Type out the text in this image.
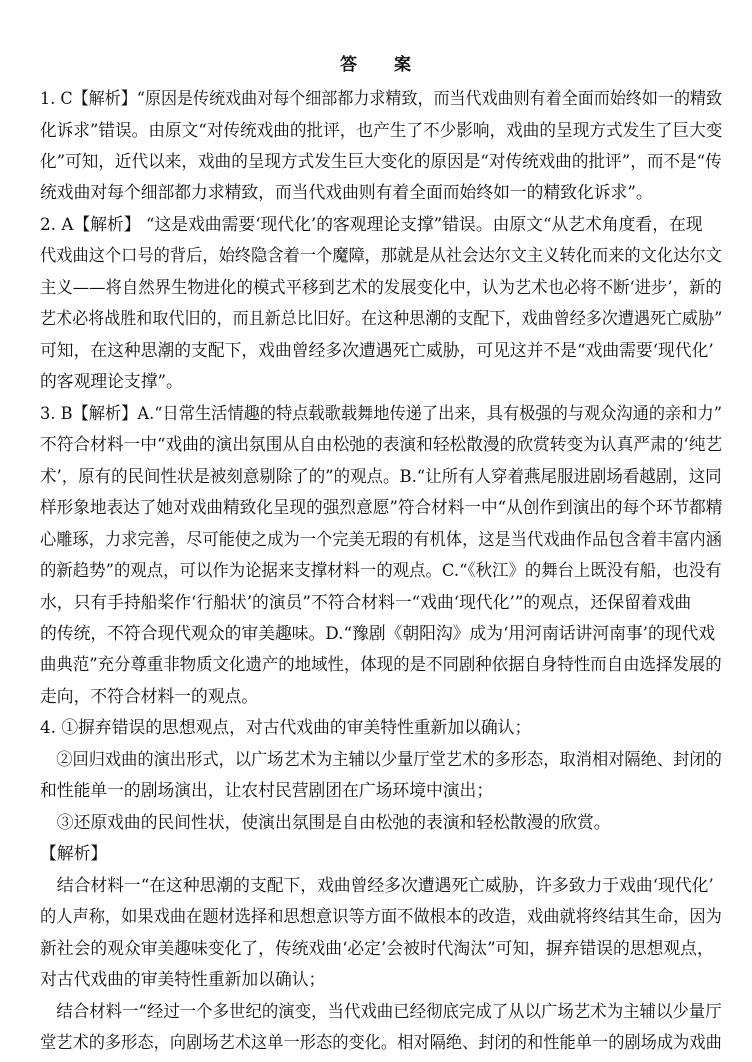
答　　案
1. C【解析】“原因是传统戏曲对每个细部都力求精致，而当代戏曲则有着全面而始终如一的精致
化诉求”错误。由原文“对传统戏曲的批评，也产生了不少影响，戏曲的呈现方式发生了巨大变
化”可知，近代以来，戏曲的呈现方式发生巨大变化的原因是“对传统戏曲的批评”，而不是“传
统戏曲对每个细部都力求精致，而当代戏曲则有着全面而始终如一的精致化诉求”。
2. A【解析】 “这是戏曲需要‘现代化’的客观理论支撑”错误。由原文“从艺术角度看，在现
代戏曲这个口号的背后，始终隐含着一个魔障，那就是从社会达尔文主义转化而来的文化达尔文
主义——将自然界生物进化的模式平移到艺术的发展变化中，认为艺术也必将不断‘进步’，新的
艺术必将战胜和取代旧的，而且新总比旧好。在这种思潮的支配下，戏曲曾经多次遭遇死亡威胁”
可知，在这种思潮的支配下，戏曲曾经多次遭遇死亡威胁，可见这并不是“戏曲需要‘现代化’
的客观理论支撑”。
3. B【解析】A.“日常生活情趣的特点载歌载舞地传递了出来，具有极强的与观众沟通的亲和力”
不符合材料一中“戏曲的演出氛围从自由松弛的表演和轻松散漫的欣赏转变为认真严肃的‘纯艺
术’，原有的民间性状是被刻意剔除了的”的观点。B.“让所有人穿着燕尾服进剧场看越剧，这同
样形象地表达了她对戏曲精致化呈现的强烈意愿”符合材料一中“从创作到演出的每个环节都精
心雕琢，力求完善，尽可能使之成为一个完美无瑕的有机体，这是当代戏曲作品包含着丰富内涵
的新趋势”的观点，可以作为论据来支撑材料一的观点。C.“《秋江》的舞台上既没有船，也没有
水，只有手持船桨作‘行船状’的演员”不符合材料一“戏曲‘现代化’”的观点，还保留着戏曲
的传统，不符合现代观众的审美趣味。D.“豫剧《朝阳沟》成为‘用河南话讲河南事’的现代戏
曲典范”充分尊重非物质文化遗产的地域性，体现的是不同剧种依据自身特性而自由选择发展的
走向，不符合材料一的观点。
4. ①摒弃错误的思想观点，对古代戏曲的审美特性重新加以确认；
　②回归戏曲的演出形式，以广场艺术为主辅以少量厅堂艺术的多形态，取消相对隔绝、封闭的
和性能单一的剧场演出，让农村民营剧团在广场环境中演出；
　③还原戏曲的民间性状，使演出氛围是自由松弛的表演和轻松散漫的欣赏。
【解析】
　结合材料一“在这种思潮的支配下，戏曲曾经多次遭遇死亡威胁，许多致力于戏曲‘现代化’
的人声称，如果戏曲在题材选择和思想意识等方面不做根本的改造，戏曲就将终结其生命，因为
新社会的观众审美趣味变化了，传统戏曲‘必定’会被时代淘汰”可知，摒弃错误的思想观点，
对古代戏曲的审美特性重新加以确认；
　结合材料一“经过一个多世纪的演变，当代戏曲已经彻底完成了从以广场艺术为主辅以少量厅
堂艺术的多形态，向剧场艺术这单一形态的变化。相对隔绝、封闭的和性能单一的剧场成为戏曲
